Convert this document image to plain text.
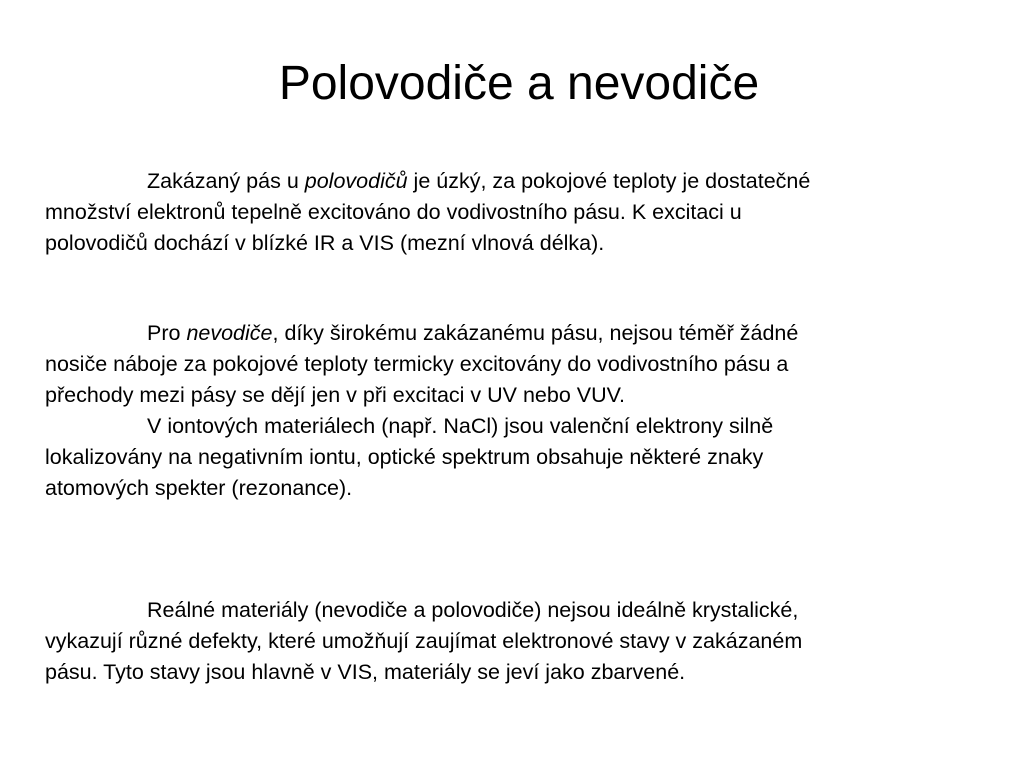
Polovodiče a nevodiče
Zakázaný pás u polovodičů je úzký, za pokojové teploty je dostatečné
množství elektronů tepelně excitováno do vodivostního pásu. K excitaci u
polovodičů dochází v blízké IR a VIS (mezní vlnová délka).
Pro nevodiče, díky širokému zakázanému pásu, nejsou téměř žádné
nosiče náboje za pokojové teploty termicky excitovány do vodivostního pásu a
přechody mezi pásy se dějí jen v při excitaci v UV nebo VUV.
V iontových materiálech (např. NaCl) jsou valenční elektrony silně
lokalizovány na negativním iontu, optické spektrum obsahuje některé znaky
atomových spekter (rezonance).
Reálné materiály (nevodiče a polovodiče) nejsou ideálně krystalické,
vykazují různé defekty, které umožňují zaujímat elektronové stavy v zakázaném
pásu. Tyto stavy jsou hlavně v VIS, materiály se jeví jako zbarvené.
